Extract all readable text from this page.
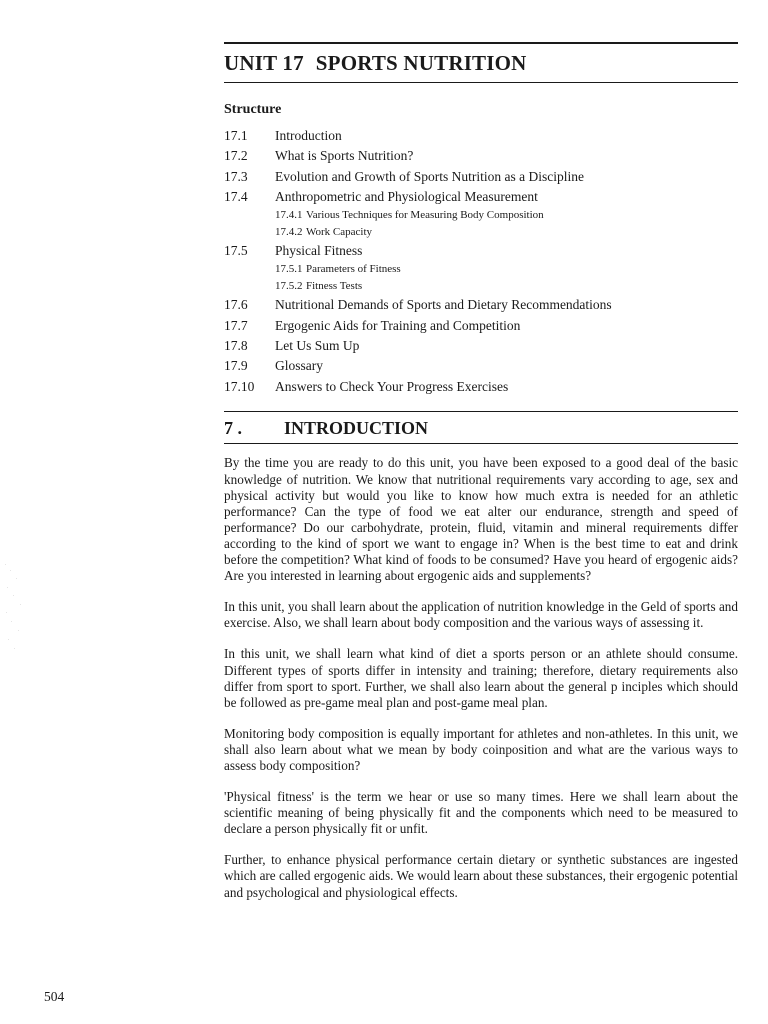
UNIT 17 SPORTS NUTRITION
Structure
17.1	Introduction
17.2	What is Sports Nutrition?
17.3	Evolution and Growth of Sports Nutrition as a Discipline
17.4	Anthropometric and Physiological Measurement
17.4.1 Various Techniques for Measuring Body Composition
17.4.2 Work Capacity
17.5	Physical Fitness
17.5.1 Parameters of Fitness
17.5.2 Fitness Tests
17.6	Nutritional Demands of Sports and Dietary Recommendations
17.7	Ergogenic Aids for Training and Competition
17.8	Let Us Sum Up
17.9	Glossary
17.10	Answers to Check Your Progress Exercises
7 .	INTRODUCTION

By the time you are ready to do this unit, you have been exposed to a good deal of the basic knowledge of nutrition. We know that nutritional requirements vary according to age, sex and physical activity but would you like to know how much extra is needed for an athletic performance? Can the type of food we eat alter our endurance, strength and speed of performance? Do our carbohydrate, protein, fluid, vitamin and mineral requirements differ according to the kind of sport we want to engage in? When is the best time to eat and drink before the competition? What kind of foods to be consumed? Have you heard of ergogenic aids? Are you interested in learning about ergogenic aids and supplements?

In this unit, you shall learn about the application of nutrition knowledge in the Geld of sports and exercise. Also, we shall learn about body composition and the various ways of assessing it.

In this unit, we shall learn what kind of diet a sports person or an athlete should consume. Different types of sports differ in intensity and training; therefore, dietary requirements also differ from sport to sport. Further, we shall also learn about the general p inciples which should be followed as pre-game meal plan and post-game meal plan.

Monitoring body composition is equally important for athletes and non-athletes. In this unit, we shall also learn about what we mean by body coinposition and what are the various ways to assess body composition?

'Physical fitness' is the term we hear or use so many times. Here we shall learn about the scientific meaning of being physically fit and the components which need to be measured to declare a person physically fit or unfit.

Further, to enhance physical performance certain dietary or synthetic substances are ingested which are called ergogenic aids. We would learn about these substances, their ergogenic potential and psychological and physiological effects.

504
